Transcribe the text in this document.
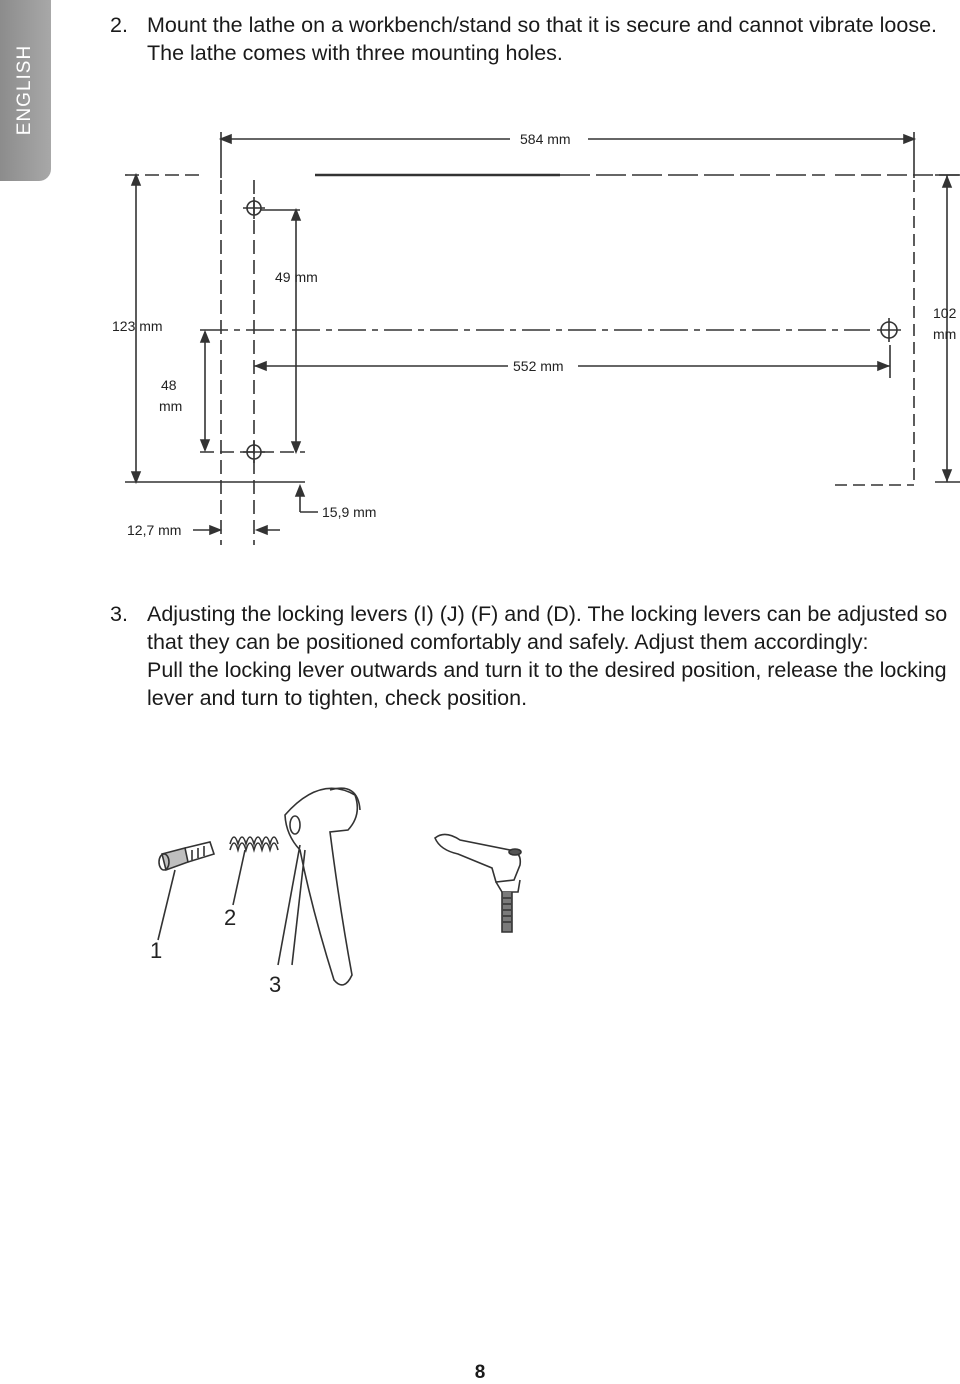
ENGLISH

2. Mount the lathe on a workbench/stand so that it is secure and cannot vibrate loose. The lathe comes with three mounting holes.

584 mm
49 mm
123 mm
48
mm
552 mm
102
mm
12,7 mm
15,9 mm

3. Adjusting the locking levers (I) (J) (F) and (D). The locking levers can be adjusted so that they can be positioned comfortably and safely. Adjust them accordingly:
Pull the locking lever outwards and turn it to the desired position, release the locking lever and turn to tighten, check position.

1
2
3
8
